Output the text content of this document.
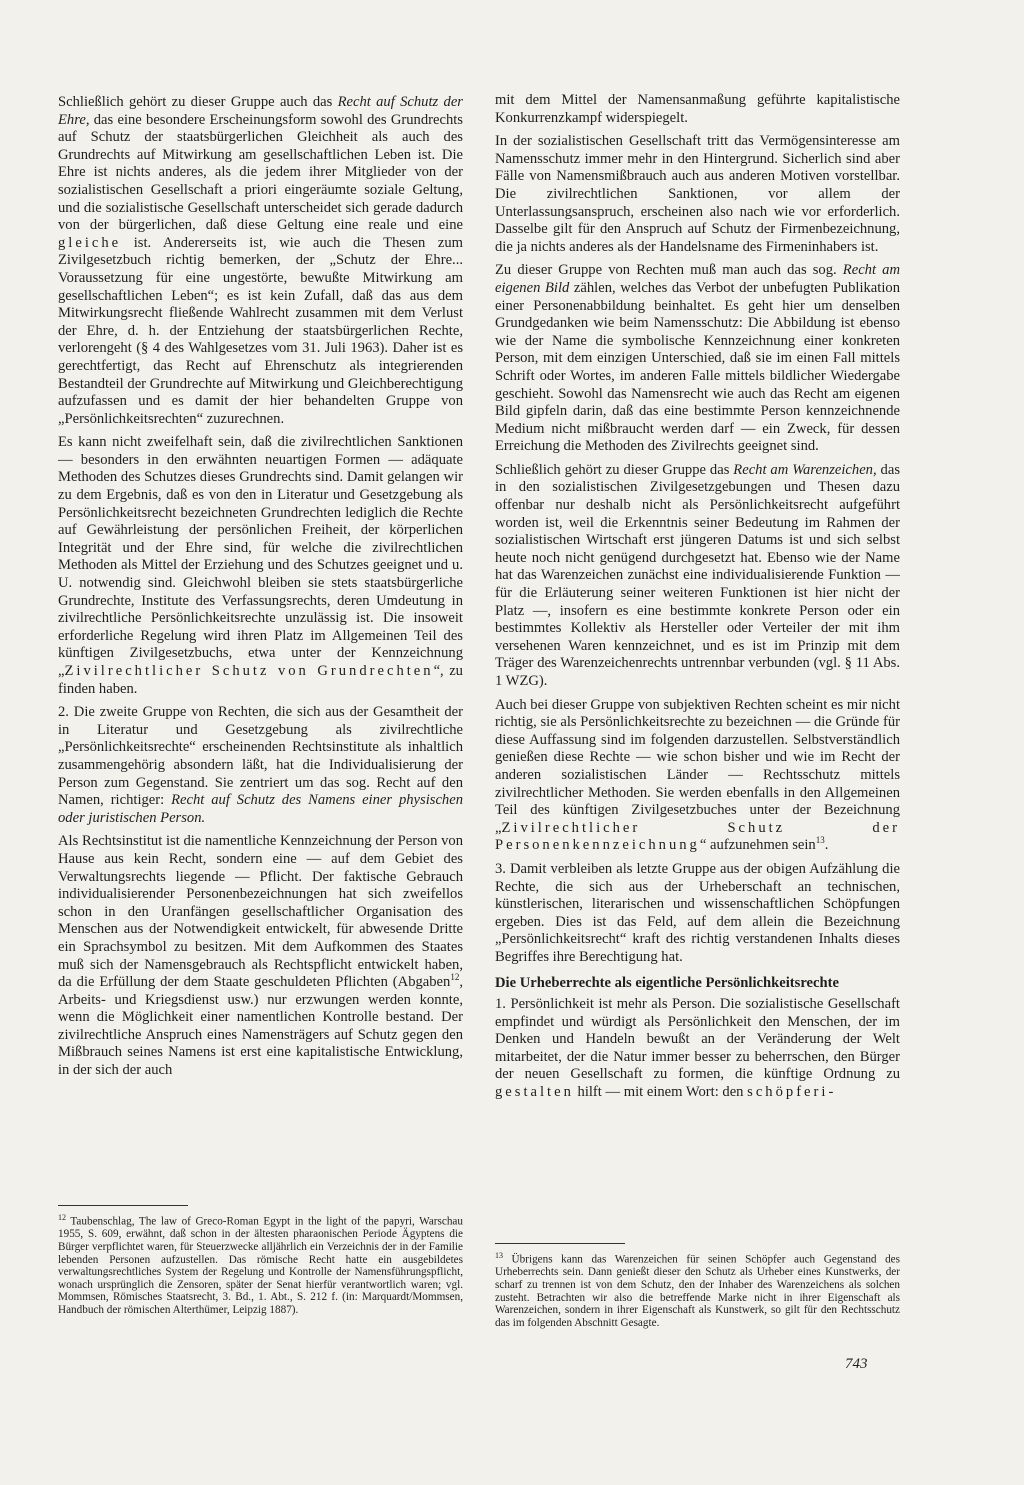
Schließlich gehört zu dieser Gruppe auch das Recht auf Schutz der Ehre, das eine besondere Erscheinungsform sowohl des Grundrechts auf Schutz der staatsbürgerlichen Gleichheit als auch des Grundrechts auf Mitwirkung am gesellschaftlichen Leben ist. Die Ehre ist nichts anderes, als die jedem ihrer Mitglieder von der sozialistischen Gesellschaft a priori eingeräumte soziale Geltung, und die sozialistische Gesellschaft unterscheidet sich gerade dadurch von der bürgerlichen, daß diese Geltung eine reale und eine gleiche ist. Andererseits ist, wie auch die Thesen zum Zivilgesetzbuch richtig bemerken, der „Schutz der Ehre... Voraussetzung für eine ungestörte, bewußte Mitwirkung am gesellschaftlichen Leben“; es ist kein Zufall, daß das aus dem Mitwirkungsrecht fließende Wahlrecht zusammen mit dem Verlust der Ehre, d. h. der Entziehung der staatsbürgerlichen Rechte, verlorengeht (§ 4 des Wahlgesetzes vom 31. Juli 1963). Daher ist es gerechtfertigt, das Recht auf Ehrenschutz als integrierenden Bestandteil der Grundrechte auf Mitwirkung und Gleichberechtigung aufzufassen und es damit der hier behandelten Gruppe von „Persönlichkeitsrechten“ zuzurechnen.

Es kann nicht zweifelhaft sein, daß die zivilrechtlichen Sanktionen — besonders in den erwähnten neuartigen Formen — adäquate Methoden des Schutzes dieses Grundrechts sind. Damit gelangen wir zu dem Ergebnis, daß es von den in Literatur und Gesetzgebung als Persönlichkeitsrecht bezeichneten Grundrechten lediglich die Rechte auf Gewährleistung der persönlichen Freiheit, der körperlichen Integrität und der Ehre sind, für welche die zivilrechtlichen Methoden als Mittel der Erziehung und des Schutzes geeignet und u. U. notwendig sind. Gleichwohl bleiben sie stets staatsbürgerliche Grundrechte, Institute des Verfassungsrechts, deren Umdeutung in zivilrechtliche Persönlichkeitsrechte unzulässig ist. Die insoweit erforderliche Regelung wird ihren Platz im Allgemeinen Teil des künftigen Zivilgesetzbuchs, etwa unter der Kennzeichnung „Zivilrechtlicher Schutz von Grundrechten“, zu finden haben.

2. Die zweite Gruppe von Rechten, die sich aus der Gesamtheit der in Literatur und Gesetzgebung als zivilrechtliche „Persönlichkeitsrechte“ erscheinenden Rechtsinstitute als inhaltlich zusammengehörig absondern läßt, hat die Individualisierung der Person zum Gegenstand. Sie zentriert um das sog. Recht auf den Namen, richtiger: Recht auf Schutz des Namens einer physischen oder juristischen Person.

Als Rechtsinstitut ist die namentliche Kennzeichnung der Person von Hause aus kein Recht, sondern eine — auf dem Gebiet des Verwaltungsrechts liegende — Pflicht. Der faktische Gebrauch individualisierender Personenbezeichnungen hat sich zweifellos schon in den Uranfängen gesellschaftlicher Organisation des Menschen aus der Notwendigkeit entwickelt, für abwesende Dritte ein Sprachsymbol zu besitzen. Mit dem Aufkommen des Staates muß sich der Namensgebrauch als Rechtspflicht entwickelt haben, da die Erfüllung der dem Staate geschuldeten Pflichten (Abgaben$^{12}$, Arbeits- und Kriegsdienst usw.) nur erzwungen werden konnte, wenn die Möglichkeit einer namentlichen Kontrolle bestand. Der zivilrechtliche Anspruch eines Namensträgers auf Schutz gegen den Mißbrauch seines Namens ist erst eine kapitalistische Entwicklung, in der sich der auch

$^{12}$ Taubenschlag, The law of Greco-Roman Egypt in the light of the papyri, Warschau 1955, S. 609, erwähnt, daß schon in der ältesten pharaonischen Periode Ägyptens die Bürger verpflichtet waren, für Steuerzwecke alljährlich ein Verzeichnis der in der Familie lebenden Personen aufzustellen. Das römische Recht hatte ein ausgebildetes verwaltungsrechtliches System der Regelung und Kontrolle der Namensführungspflicht, wonach ursprünglich die Zensoren, später der Senat hierfür verantwortlich waren; vgl. Mommsen, Römisches Staatsrecht, 3. Bd., 1. Abt., S. 212 f. (in: Marquardt/Mommsen, Handbuch der römischen Alterthümer, Leipzig 1887).

mit dem Mittel der Namensanmaßung geführte kapitalistische Konkurrenzkampf widerspiegelt.

In der sozialistischen Gesellschaft tritt das Vermögensinteresse am Namensschutz immer mehr in den Hintergrund. Sicherlich sind aber Fälle von Namensmißbrauch auch aus anderen Motiven vorstellbar. Die zivilrechtlichen Sanktionen, vor allem der Unterlassungsanspruch, erscheinen also nach wie vor erforderlich. Dasselbe gilt für den Anspruch auf Schutz der Firmenbezeichnung, die ja nichts anderes als der Handelsname des Firmeninhabers ist.

Zu dieser Gruppe von Rechten muß man auch das sog. Recht am eigenen Bild zählen, welches das Verbot der unbefugten Publikation einer Personenabbildung beinhaltet. Es geht hier um denselben Grundgedanken wie beim Namensschutz: Die Abbildung ist ebenso wie der Name die symbolische Kennzeichnung einer konkreten Person, mit dem einzigen Unterschied, daß sie im einen Fall mittels Schrift oder Wortes, im anderen Falle mittels bildlicher Wiedergabe geschieht. Sowohl das Namensrecht wie auch das Recht am eigenen Bild gipfeln darin, daß das eine bestimmte Person kennzeichnende Medium nicht mißbraucht werden darf — ein Zweck, für dessen Erreichung die Methoden des Zivilrechts geeignet sind.

Schließlich gehört zu dieser Gruppe das Recht am Warenzeichen, das in den sozialistischen Zivilgesetzgebungen und Thesen dazu offenbar nur deshalb nicht als Persönlichkeitsrecht aufgeführt worden ist, weil die Erkenntnis seiner Bedeutung im Rahmen der sozialistischen Wirtschaft erst jüngeren Datums ist und sich selbst heute noch nicht genügend durchgesetzt hat. Ebenso wie der Name hat das Warenzeichen zunächst eine individualisierende Funktion — für die Erläuterung seiner weiteren Funktionen ist hier nicht der Platz —, insofern es eine bestimmte konkrete Person oder ein bestimmtes Kollektiv als Hersteller oder Verteiler der mit ihm versehenen Waren kennzeichnet, und es ist im Prinzip mit dem Träger des Warenzeichenrechts untrennbar verbunden (vgl. § 11 Abs. 1 WZG).

Auch bei dieser Gruppe von subjektiven Rechten scheint es mir nicht richtig, sie als Persönlichkeitsrechte zu bezeichnen — die Gründe für diese Auffassung sind im folgenden darzustellen. Selbstverständlich genießen diese Rechte — wie schon bisher und wie im Recht der anderen sozialistischen Länder — Rechtsschutz mittels zivilrechtlicher Methoden. Sie werden ebenfalls in den Allgemeinen Teil des künftigen Zivilgesetzbuches unter der Bezeichnung „Zivilrechtlicher Schutz der Personenkennzeichnung“ aufzunehmen sein$^{13}$.

3. Damit verbleiben als letzte Gruppe aus der obigen Aufzählung die Rechte, die sich aus der Urheberschaft an technischen, künstlerischen, literarischen und wissenschaftlichen Schöpfungen ergeben. Dies ist das Feld, auf dem allein die Bezeichnung „Persönlichkeitsrecht“ kraft des richtig verstandenen Inhalts dieses Begriffes ihre Berechtigung hat.

Die Urheberrechte als eigentliche Persönlichkeitsrechte

1. Persönlichkeit ist mehr als Person. Die sozialistische Gesellschaft empfindet und würdigt als Persönlichkeit den Menschen, der im Denken und Handeln bewußt an der Veränderung der Welt mitarbeitet, der die Natur immer besser zu beherrschen, den Bürger der neuen Gesellschaft zu formen, die künftige Ordnung zu gestalten hilft — mit einem Wort: den schöpferi-

$^{13}$ Übrigens kann das Warenzeichen für seinen Schöpfer auch Gegenstand des Urheberrechts sein. Dann genießt dieser den Schutz als Urheber eines Kunstwerks, der scharf zu trennen ist von dem Schutz, den der Inhaber des Warenzeichens als solchen zusteht. Betrachten wir also die betreffende Marke nicht in ihrer Eigenschaft als Warenzeichen, sondern in ihrer Eigenschaft als Kunstwerk, so gilt für den Rechtsschutz das im folgenden Abschnitt Gesagte.

743
